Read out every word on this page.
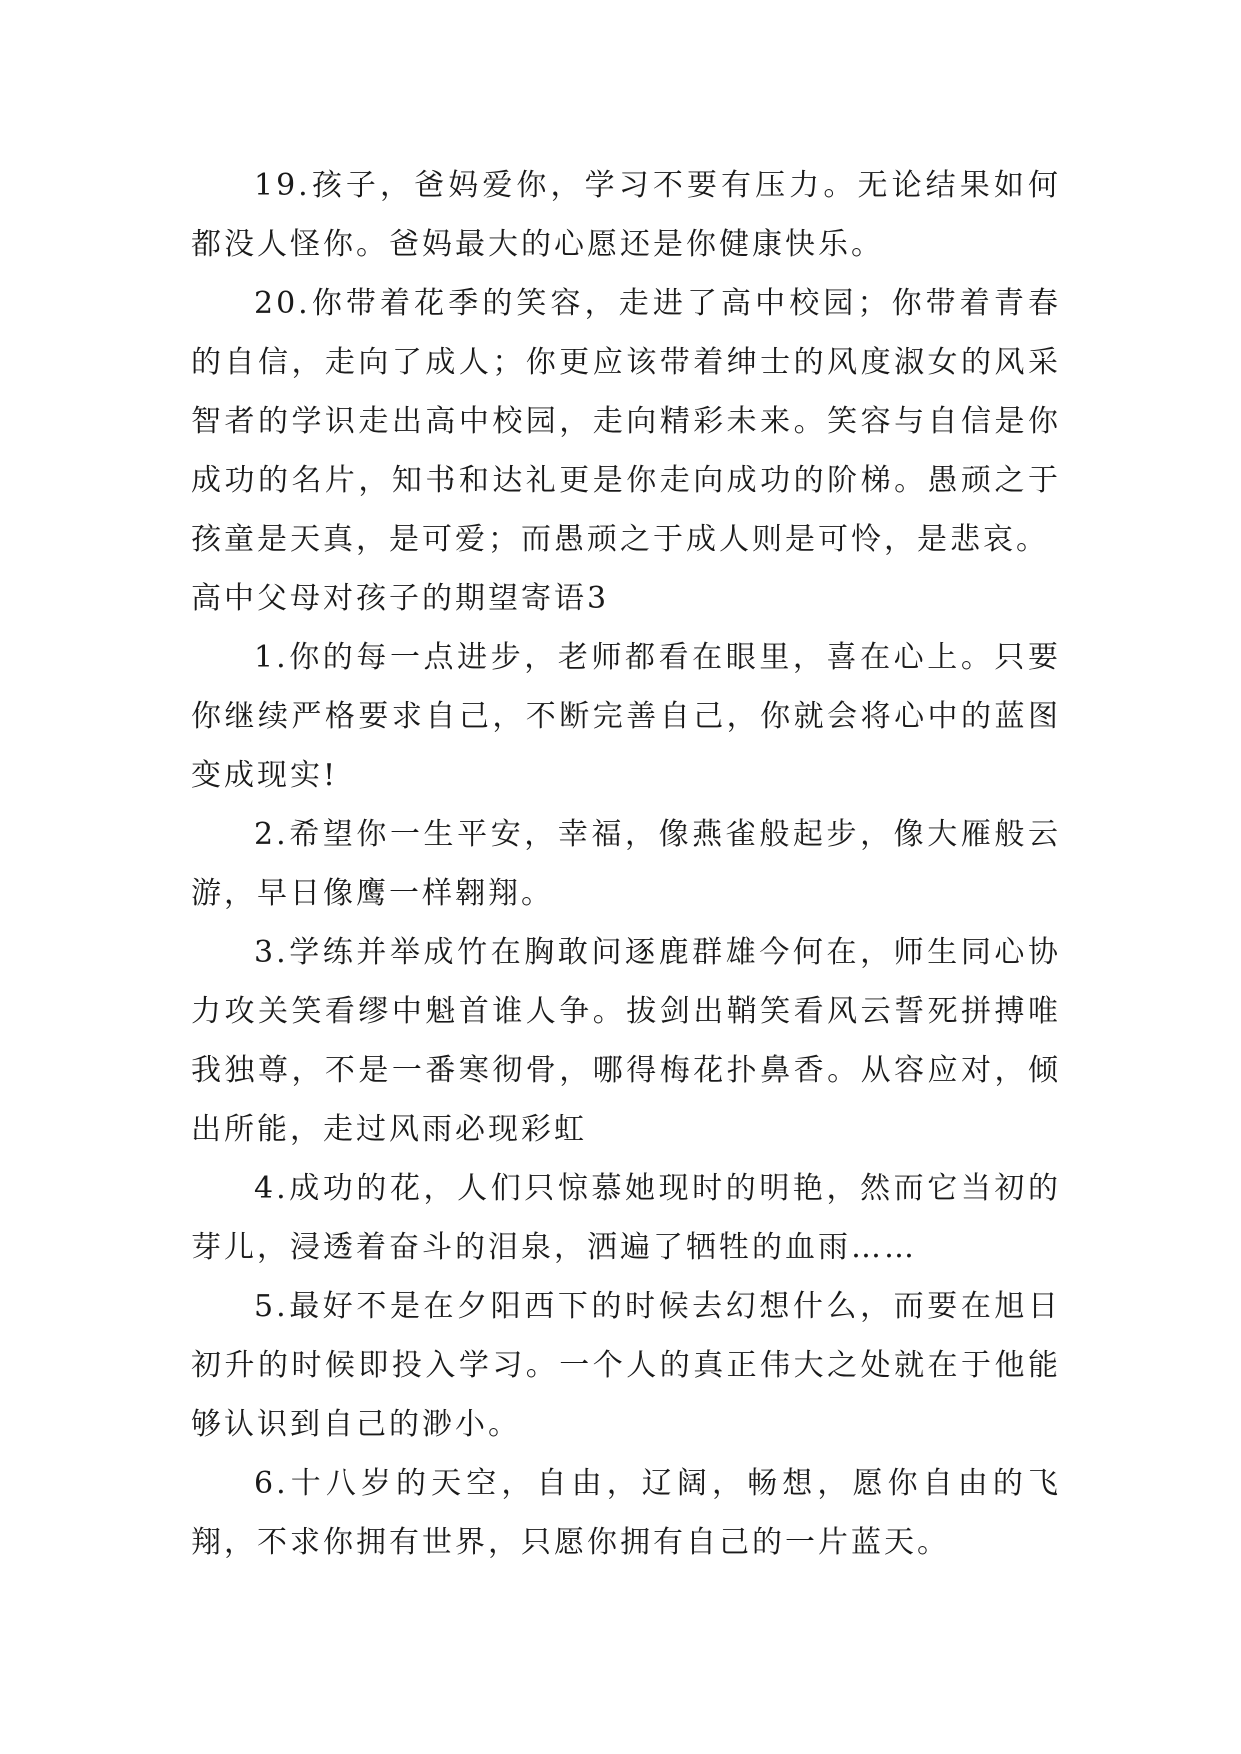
19.孩子，爸妈爱你，学习不要有压力。无论结果如何都没人怪你。爸妈最大的心愿还是你健康快乐。

20.你带着花季的笑容，走进了高中校园；你带着青春的自信，走向了成人；你更应该带着绅士的风度淑女的风采智者的学识走出高中校园，走向精彩未来。笑容与自信是你成功的名片，知书和达礼更是你走向成功的阶梯。愚顽之于孩童是天真，是可爱；而愚顽之于成人则是可怜，是悲哀。

高中父母对孩子的期望寄语3

1.你的每一点进步，老师都看在眼里，喜在心上。只要你继续严格要求自己，不断完善自己，你就会将心中的蓝图变成现实!

2.希望你一生平安，幸福，像燕雀般起步，像大雁般云游，早日像鹰一样翱翔。

3.学练并举成竹在胸敢问逐鹿群雄今何在，师生同心协力攻关笑看缪中魁首谁人争。拔剑出鞘笑看风云誓死拼搏唯我独尊，不是一番寒彻骨，哪得梅花扑鼻香。从容应对，倾出所能，走过风雨必现彩虹

4.成功的花，人们只惊慕她现时的明艳，然而它当初的芽儿，浸透着奋斗的泪泉，洒遍了牺牲的血雨……

5.最好不是在夕阳西下的时候去幻想什么，而要在旭日初升的时候即投入学习。一个人的真正伟大之处就在于他能够认识到自己的渺小。

6.十八岁的天空，自由，辽阔，畅想，愿你自由的飞翔，不求你拥有世界，只愿你拥有自己的一片蓝天。
